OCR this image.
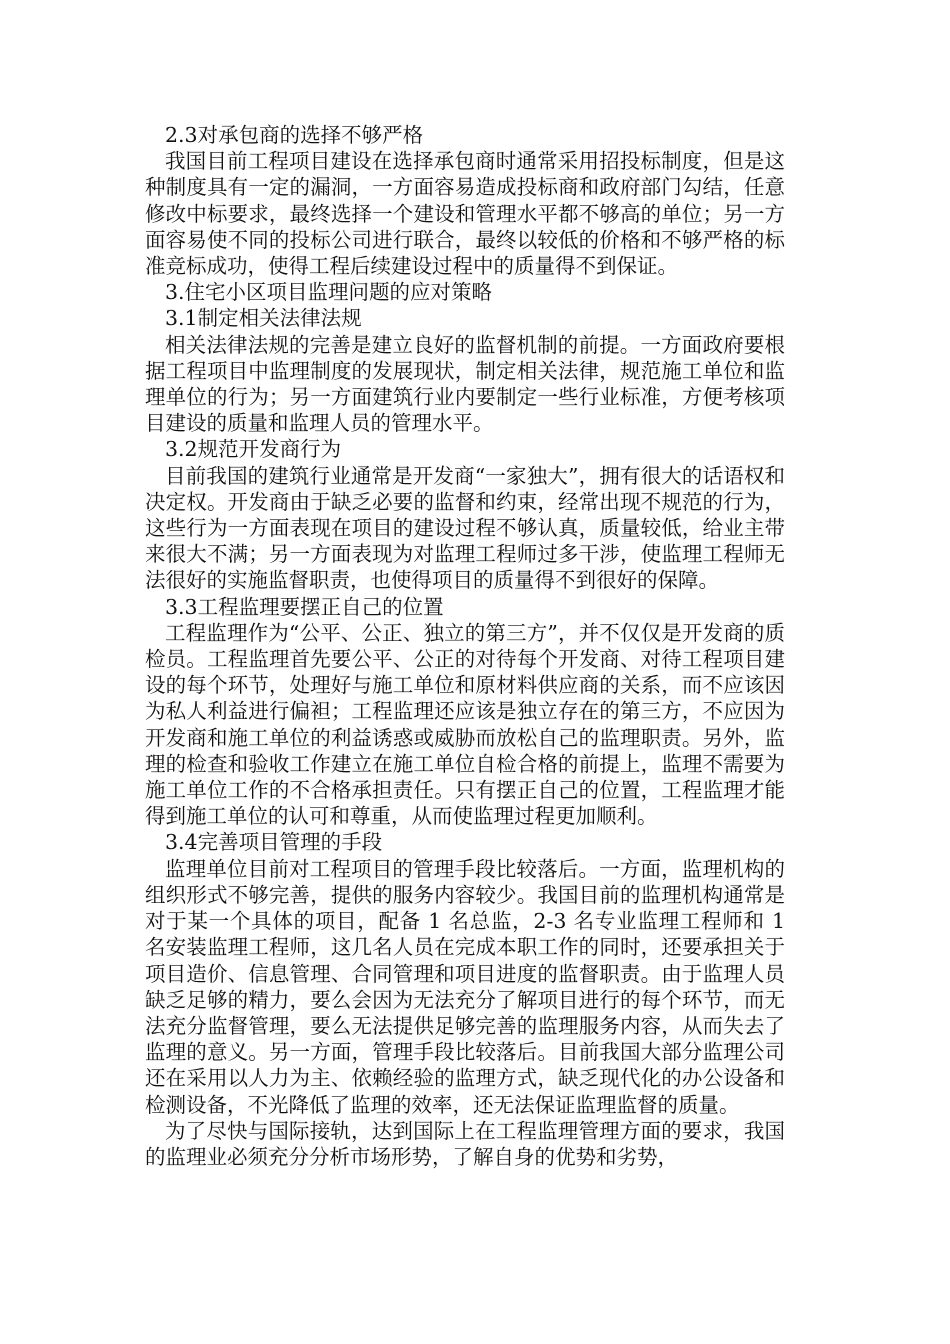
2.3对承包商的选择不够严格

我国目前工程项目建设在选择承包商时通常采用招投标制度，但是这种制度具有一定的漏洞，一方面容易造成投标商和政府部门勾结，任意修改中标要求，最终选择一个建设和管理水平都不够高的单位；另一方面容易使不同的投标公司进行联合，最终以较低的价格和不够严格的标准竞标成功，使得工程后续建设过程中的质量得不到保证。

3.住宅小区项目监理问题的应对策略

3.1制定相关法律法规

相关法律法规的完善是建立良好的监督机制的前提。一方面政府要根据工程项目中监理制度的发展现状，制定相关法律，规范施工单位和监理单位的行为；另一方面建筑行业内要制定一些行业标准，方便考核项目建设的质量和监理人员的管理水平。

3.2规范开发商行为

目前我国的建筑行业通常是开发商“一家独大”，拥有很大的话语权和决定权。开发商由于缺乏必要的监督和约束，经常出现不规范的行为，这些行为一方面表现在项目的建设过程不够认真，质量较低，给业主带来很大不满；另一方面表现为对监理工程师过多干涉，使监理工程师无法很好的实施监督职责，也使得项目的质量得不到很好的保障。

3.3工程监理要摆正自己的位置

工程监理作为“公平、公正、独立的第三方”，并不仅仅是开发商的质检员。工程监理首先要公平、公正的对待每个开发商、对待工程项目建设的每个环节，处理好与施工单位和原材料供应商的关系，而不应该因为私人利益进行偏袒；工程监理还应该是独立存在的第三方，不应因为开发商和施工单位的利益诱惑或威胁而放松自己的监理职责。另外，监理的检查和验收工作建立在施工单位自检合格的前提上，监理不需要为施工单位工作的不合格承担责任。只有摆正自己的位置，工程监理才能得到施工单位的认可和尊重，从而使监理过程更加顺利。

3.4完善项目管理的手段

监理单位目前对工程项目的管理手段比较落后。一方面，监理机构的组织形式不够完善，提供的服务内容较少。我国目前的监理机构通常是对于某一个具体的项目，配备 1 名总监，2-3 名专业监理工程师和 1 名安装监理工程师，这几名人员在完成本职工作的同时，还要承担关于项目造价、信息管理、合同管理和项目进度的监督职责。由于监理人员缺乏足够的精力，要么会因为无法充分了解项目进行的每个环节，而无法充分监督管理，要么无法提供足够完善的监理服务内容，从而失去了监理的意义。另一方面，管理手段比较落后。目前我国大部分监理公司还在采用以人力为主、依赖经验的监理方式，缺乏现代化的办公设备和检测设备，不光降低了监理的效率，还无法保证监理监督的质量。

为了尽快与国际接轨，达到国际上在工程监理管理方面的要求，我国的监理业必须充分分析市场形势，了解自身的优势和劣势，
